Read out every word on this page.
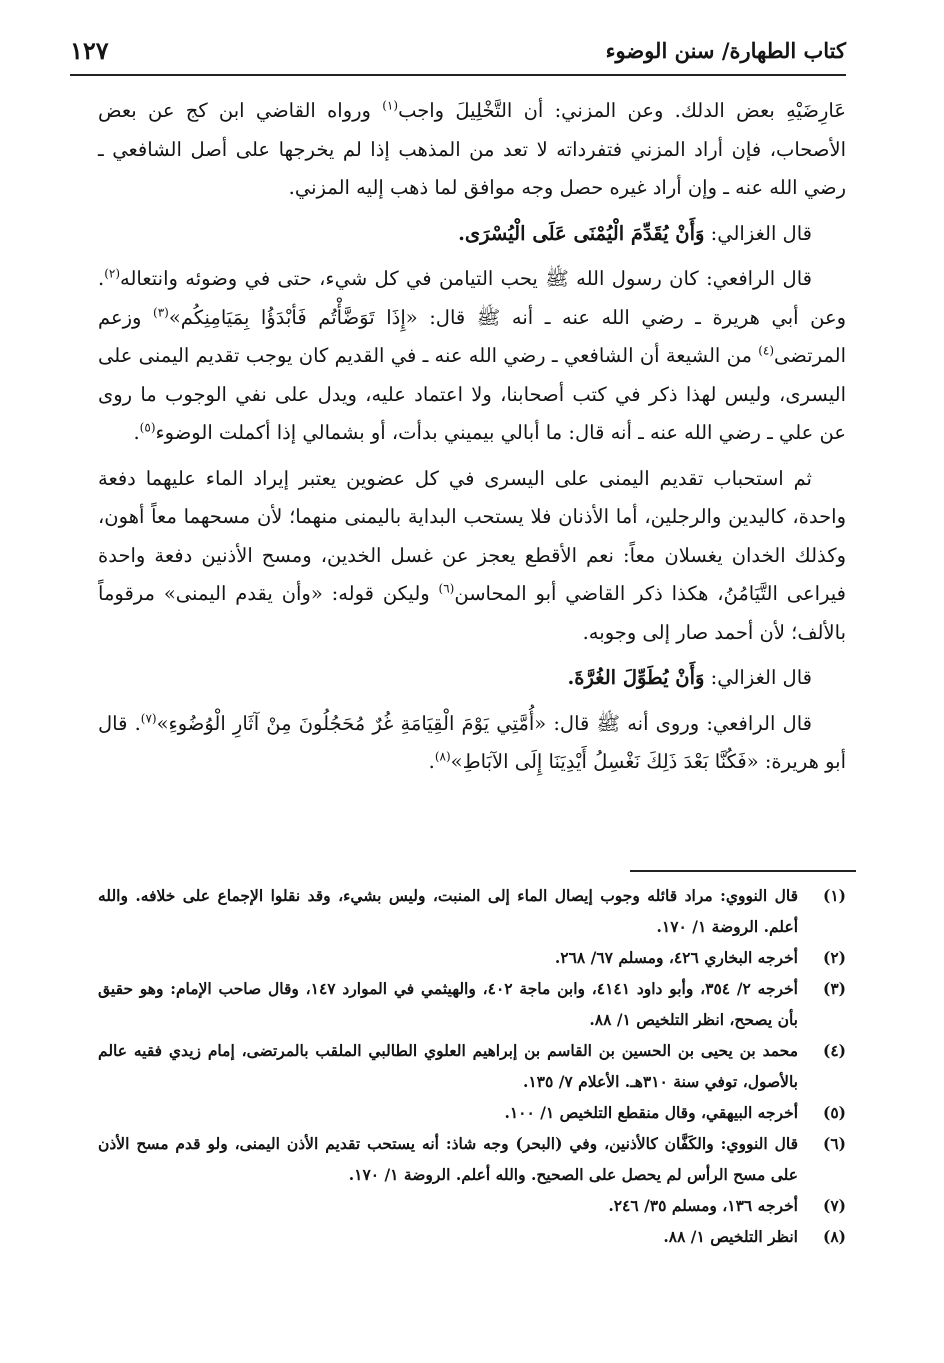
كتاب الطهارة/ سنن الوضوء
١٢٧

عَارِضَيْهِ بعض الدلك. وعن المزني: أن التَّخْلِيلَ واجب$^{(١)}$ ورواه القاضي ابن كج عن بعض الأصحاب، فإن أراد المزني فتفرداته لا تعد من المذهب إذا لم يخرجها على أصل الشافعي ـ رضي الله عنه ـ وإن أراد غيره حصل وجه موافق لما ذهب إليه المزني.

قال الغزالي: وَأَنْ يُقَدِّمَ الْيُمْنَى عَلَى الْيُسْرَى.

قال الرافعي: كان رسول الله ﷺ يحب التيامن في كل شيء، حتى في وضوئه وانتعاله$^{(٢)}$. وعن أبي هريرة ـ رضي الله عنه ـ أنه ﷺ قال: «إِذَا تَوَضَّأْتُم فَأبْدَؤُا بِمَيَامِنِكُم»$^{(٣)}$ وزعم المرتضى$^{(٤)}$ من الشيعة أن الشافعي ـ رضي الله عنه ـ في القديم كان يوجب تقديم اليمنى على اليسرى، وليس لهذا ذكر في كتب أصحابنا، ولا اعتماد عليه، ويدل على نفي الوجوب ما روى عن علي ـ رضي الله عنه ـ أنه قال: ما أبالي بيميني بدأت، أو بشمالي إذا أكملت الوضوء$^{(٥)}$.

ثم استحباب تقديم اليمنى على اليسرى في كل عضوين يعتبر إيراد الماء عليهما دفعة واحدة، كاليدين والرجلين، أما الأذنان فلا يستحب البداية باليمنى منهما؛ لأن مسحهما معاً أهون، وكذلك الخدان يغسلان معاً: نعم الأقطع يعجز عن غسل الخدين، ومسح الأذنين دفعة واحدة فيراعى التَّيَامُنُ، هكذا ذكر القاضي أبو المحاسن$^{(٦)}$ وليكن قوله: «وأن يقدم اليمنى» مرقوماً بالألف؛ لأن أحمد صار إلى وجوبه.

قال الغزالي: وَأَنْ يُطَوِّلَ الغُرَّةَ.

قال الرافعي: وروى أنه ﷺ قال: «أُمَّتِي يَوْمَ الْقِيَامَةِ غُرٌ مُحَجُلُونَ مِنْ آثَارِ الْوُضُوءِ»$^{(٧)}$. قال أبو هريرة: «فَكُنَّا بَعْدَ ذَلِكَ نَغْسِلُ أَيْدِيَنَا إِلَى الآبَاطِ»$^{(٨)}$.

(١)
قال النووي: مراد قائله وجوب إيصال الماء إلى المنبت، وليس بشيء، وقد نقلوا الإجماع على خلافه. والله أعلم. الروضة ١/ ١٧٠.
(٢)
أخرجه البخاري ٤٢٦، ومسلم ٦٧/ ٢٦٨.
(٣)
أخرجه ٢/ ٣٥٤، وأبو داود ٤١٤١، وابن ماجة ٤٠٢، والهيثمي في الموارد ١٤٧، وقال صاحب الإمام: وهو حقيق بأن يصحح، انظر التلخيص ١/ ٨٨.
(٤)
محمد بن يحيى بن الحسين بن القاسم بن إبراهيم العلوي الطالبي الملقب بالمرتضى، إمام زيدي فقيه عالم بالأصول، توفي سنة ٣١٠هـ. الأعلام ٧/ ١٣٥.
(٥)
أخرجه البيهقي، وقال منقطع التلخيص ١/ ١٠٠.
(٦)
قال النووي: والكَفَّان كالأذنين، وفي (البحر) وجه شاذ: أنه يستحب تقديم الأذن اليمنى، ولو قدم مسح الأذن على مسح الرأس لم يحصل على الصحيح. والله أعلم. الروضة ١/ ١٧٠.
(٧)
أخرجه ١٣٦، ومسلم ٣٥/ ٢٤٦.
(٨)
انظر التلخيص ١/ ٨٨.
